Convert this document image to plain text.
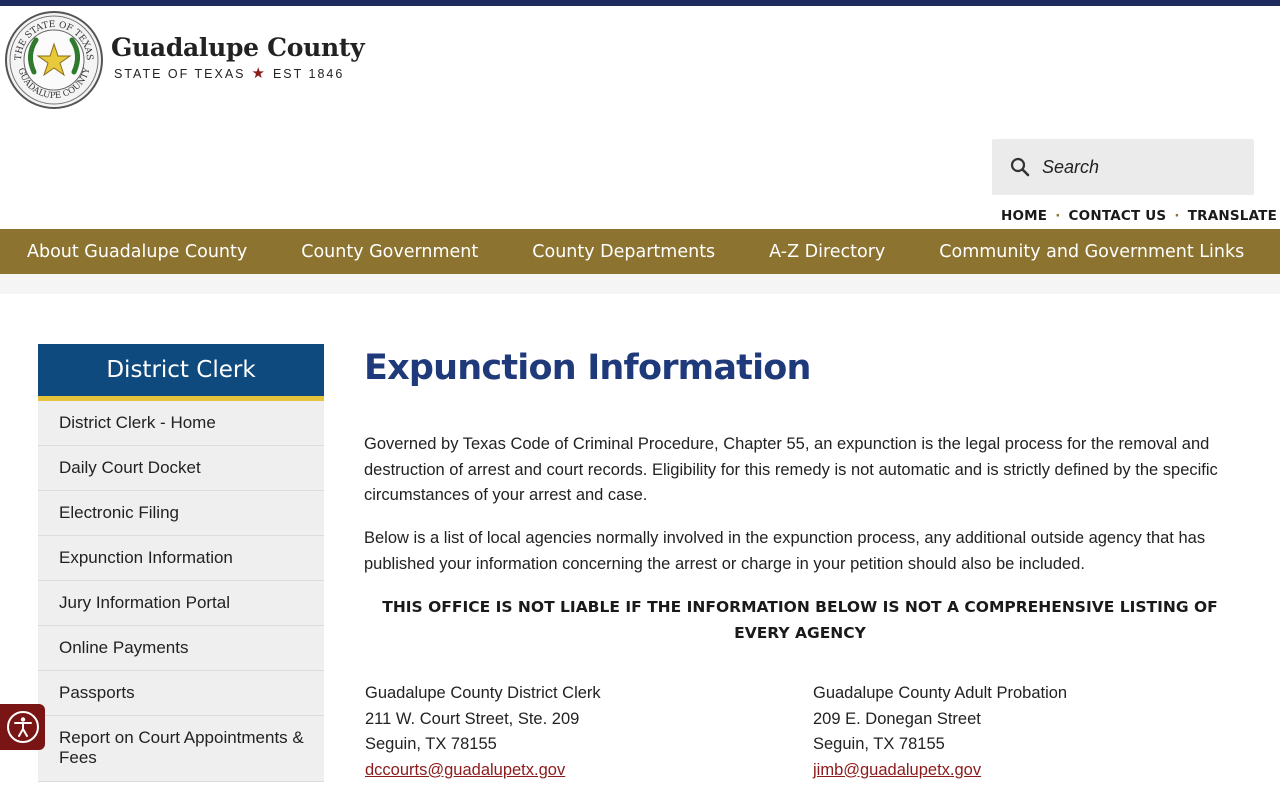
THE STATE OF TEXAS
GUADALUPE COUNTY
Guadalupe County
STATE OF TEXAS ★ EST 1846
Search
HOME · CONTACT US · TRANSLATE
About Guadalupe County	County Government	County Departments	A-Z Directory	Community and Government Links
District Clerk
District Clerk - Home
Daily Court Docket
Electronic Filing
Expunction Information
Jury Information Portal
Online Payments
Passports
Report on Court Appointments & Fees
Expunction Information

Governed by Texas Code of Criminal Procedure, Chapter 55, an expunction is the legal process for the removal and destruction of arrest and court records. Eligibility for this remedy is not automatic and is strictly defined by the specific circumstances of your arrest and case.

Below is a list of local agencies normally involved in the expunction process, any additional outside agency that has published your information concerning the arrest or charge in your petition should also be included.

THIS OFFICE IS NOT LIABLE IF THE INFORMATION BELOW IS NOT A COMPREHENSIVE LISTING OF EVERY AGENCY

Guadalupe County District Clerk
211 W. Court Street, Ste. 209
Seguin, TX 78155
dccourts@guadalupetx.gov
Guadalupe County Adult Probation
209 E. Donegan Street
Seguin, TX 78155
jimb@guadalupetx.gov
